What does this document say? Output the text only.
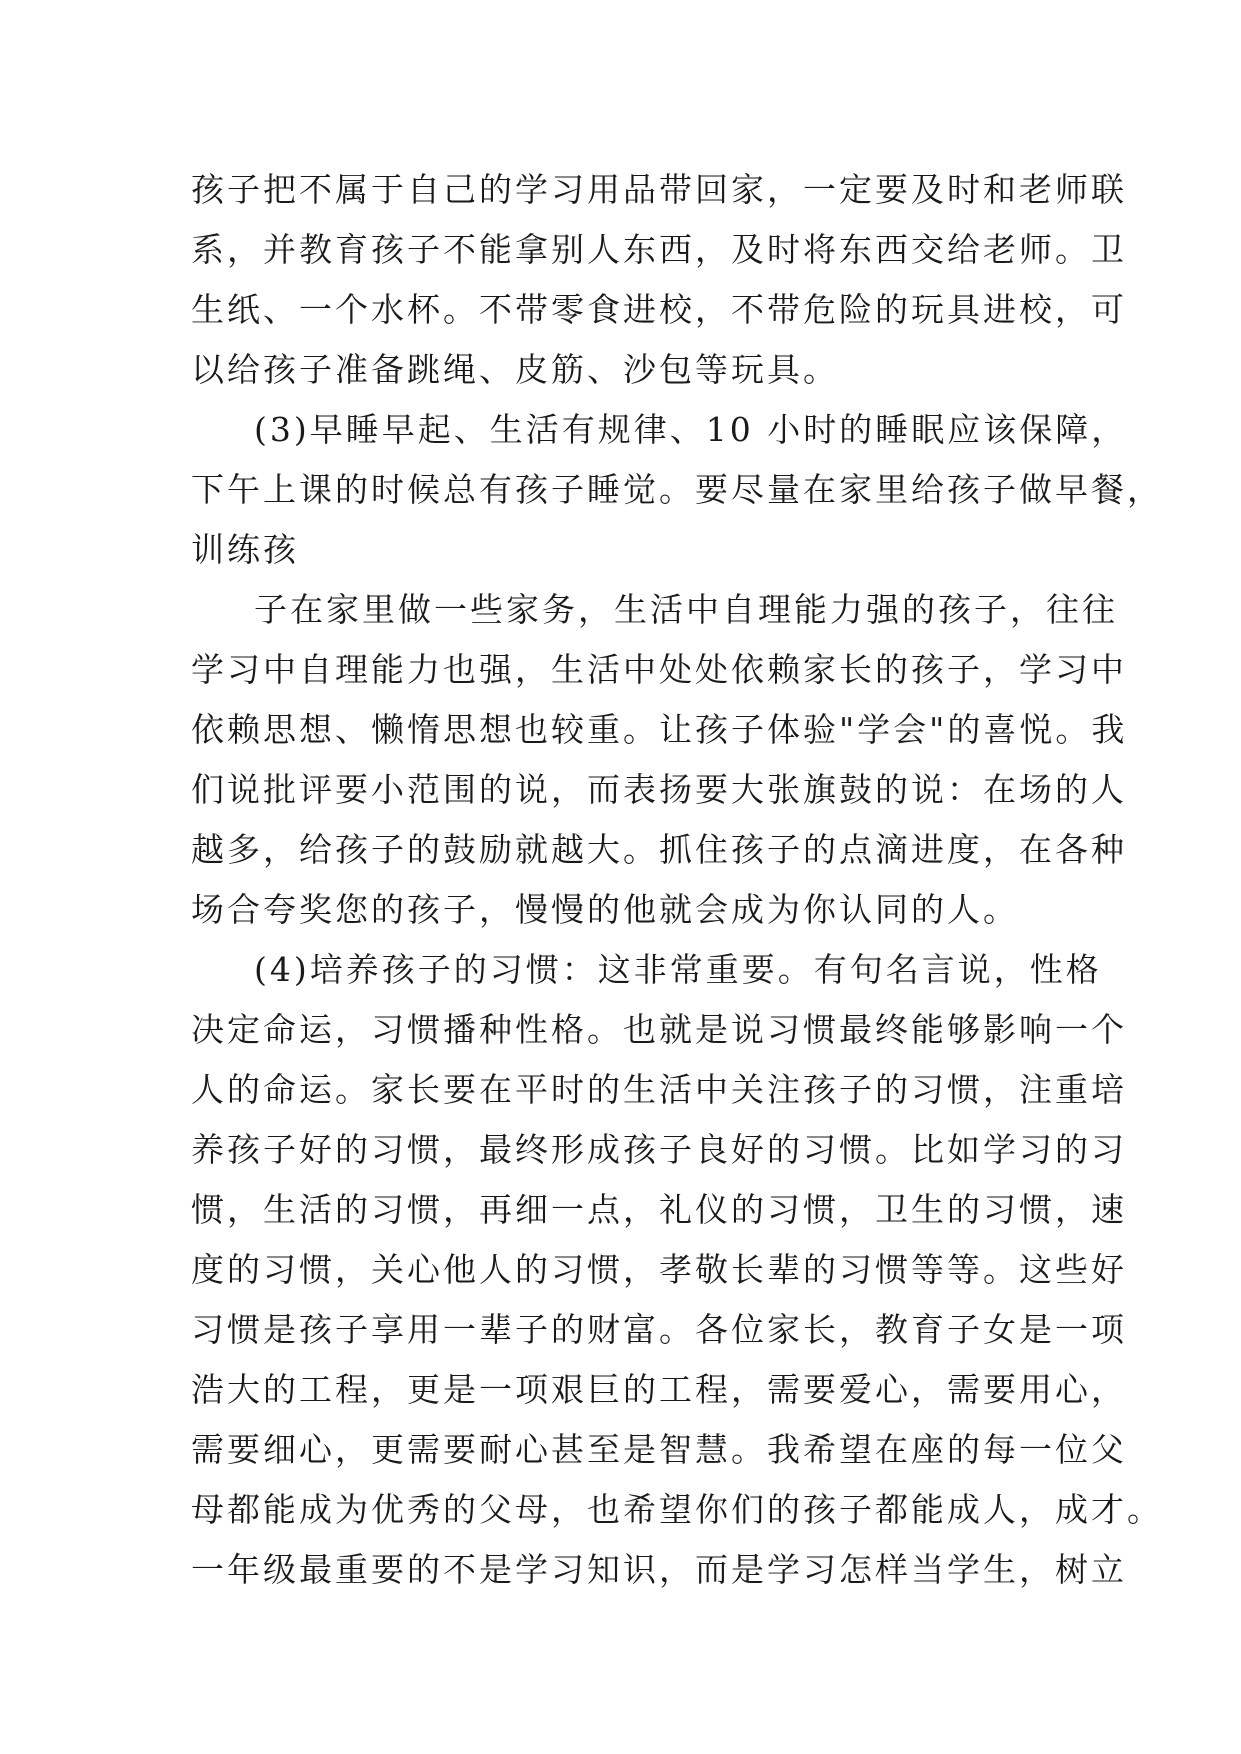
孩子把不属于自己的学习用品带回家，一定要及时和老师联
系，并教育孩子不能拿别人东西，及时将东西交给老师。卫
生纸、一个水杯。不带零食进校，不带危险的玩具进校，可
以给孩子准备跳绳、皮筋、沙包等玩具。
(3)早睡早起、生活有规律、10 小时的睡眠应该保障，
下午上课的时候总有孩子睡觉。要尽量在家里给孩子做早餐，
训练孩
子在家里做一些家务，生活中自理能力强的孩子，往往
学习中自理能力也强，生活中处处依赖家长的孩子，学习中
依赖思想、懒惰思想也较重。让孩子体验"学会"的喜悦。我
们说批评要小范围的说，而表扬要大张旗鼓的说：在场的人
越多，给孩子的鼓励就越大。抓住孩子的点滴进度，在各种
场合夸奖您的孩子，慢慢的他就会成为你认同的人。
(4)培养孩子的习惯：这非常重要。有句名言说，性格
决定命运，习惯播种性格。也就是说习惯最终能够影响一个
人的命运。家长要在平时的生活中关注孩子的习惯，注重培
养孩子好的习惯，最终形成孩子良好的习惯。比如学习的习
惯，生活的习惯，再细一点，礼仪的习惯，卫生的习惯，速
度的习惯，关心他人的习惯，孝敬长辈的习惯等等。这些好
习惯是孩子享用一辈子的财富。各位家长，教育子女是一项
浩大的工程，更是一项艰巨的工程，需要爱心，需要用心，
需要细心，更需要耐心甚至是智慧。我希望在座的每一位父
母都能成为优秀的父母，也希望你们的孩子都能成人，成才。
一年级最重要的不是学习知识，而是学习怎样当学生，树立
